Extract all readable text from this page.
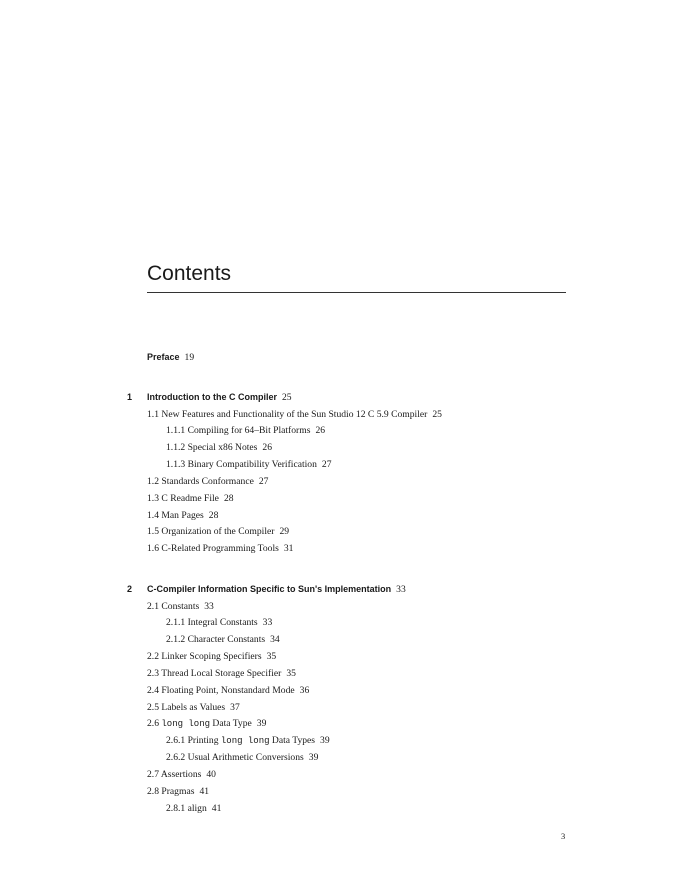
Contents
Preface 19
1 Introduction to the C Compiler 25
1.1 New Features and Functionality of the Sun Studio 12 C 5.9 Compiler 25
1.1.1 Compiling for 64–Bit Platforms 26
1.1.2 Special x86 Notes 26
1.1.3 Binary Compatibility Verification 27
1.2 Standards Conformance 27
1.3 C Readme File 28
1.4 Man Pages 28
1.5 Organization of the Compiler 29
1.6 C-Related Programming Tools 31
2 C-Compiler Information Specific to Sun's Implementation 33
2.1 Constants 33
2.1.1 Integral Constants 33
2.1.2 Character Constants 34
2.2 Linker Scoping Specifiers 35
2.3 Thread Local Storage Specifier 35
2.4 Floating Point, Nonstandard Mode 36
2.5 Labels as Values 37
2.6 long long Data Type 39
2.6.1 Printing long long Data Types 39
2.6.2 Usual Arithmetic Conversions 39
2.7 Assertions 40
2.8 Pragmas 41
2.8.1 align 41
3
